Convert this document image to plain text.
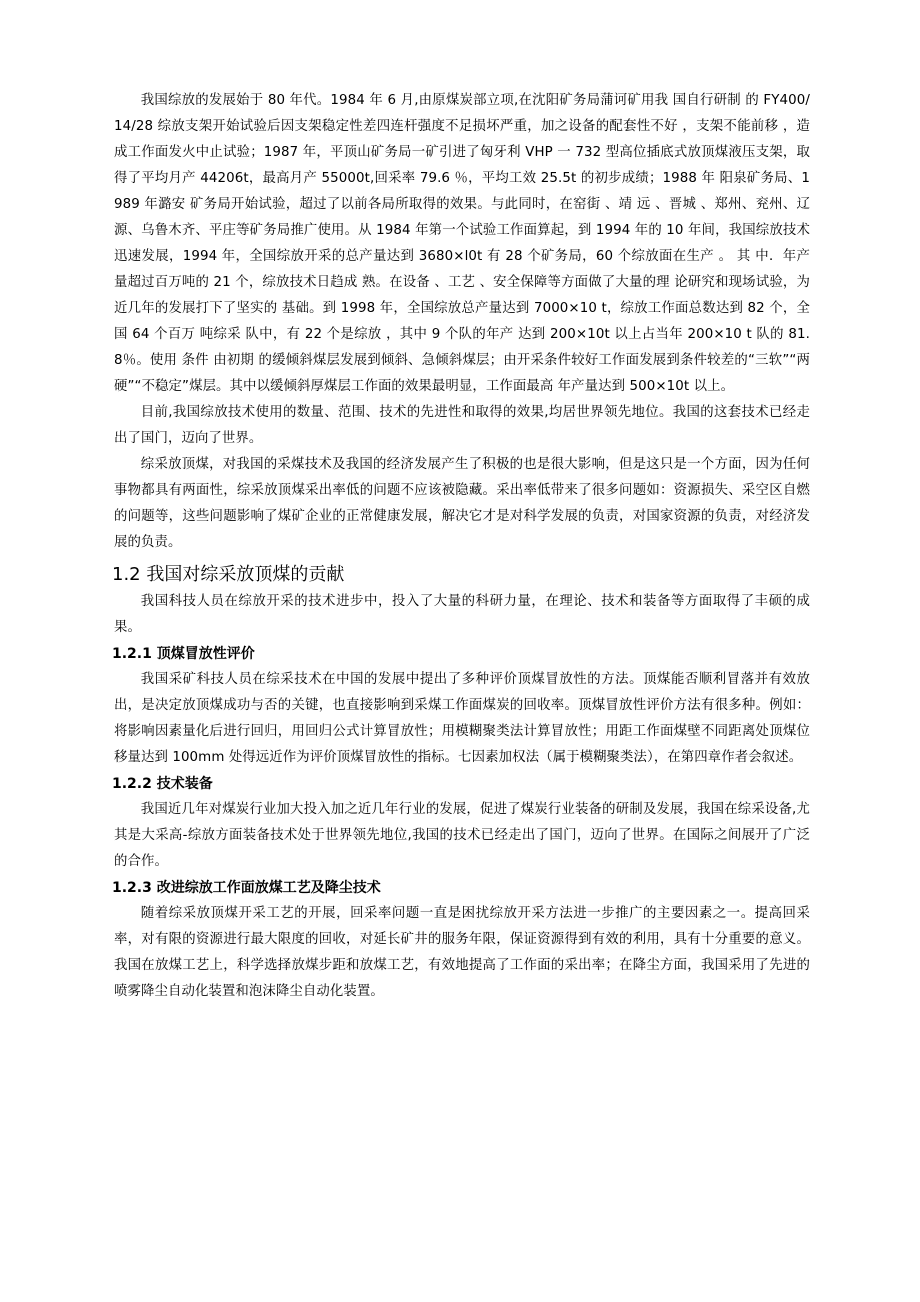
我国综放的发展始于 80 年代。1984 年 6 月,由原煤炭部立项,在沈阳矿务局蒲诃矿用我 国自行研制 的 FY400/14/28 综放支架开始试验后因支架稳定性差四连杆强度不足损坏严重，加之设备的配套性不好 ，支架不能前移 ，造成工作面发火中止试验；1987 年，平顶山矿务局一矿引进了匈牙利 VHP 一 732 型高位插底式放顶煤液压支架，取得了平均月产 44206t，最高月产 55000t,回采率 79.6 ％，平均工效 25.5t 的初步成绩；1988 年 阳泉矿务局、1989 年潞安 矿务局开始试验，超过了以前各局所取得的效果。与此同时，在窑街 、靖 远 、晋城 、郑州、兖州、辽源、乌鲁木齐、平庄等矿务局推广使用。从 1984 年第一个试验工作面算起，到 1994 年的 10 年间，我国综放技术迅速发展，1994 年，全国综放开采的总产量达到 3680×l0t 有 28 个矿务局，60 个综放面在生产 。 其 中．年产量超过百万吨的 21 个，综放技术日趋成 熟。在设备 、工艺 、安全保障等方面做了大量的理 论研究和现场试验，为近几年的发展打下了坚实的 基础。到 1998 年，全国综放总产量达到 7000×10 t，综放工作面总数达到 82 个，全国 64 个百万 吨综采 队中，有 22 个是综放 ，其中 9 个队的年产 达到 200×10t 以上占当年 200×10 t 队的 81.8％。使用 条件 由初期 的缓倾斜煤层发展到倾斜、急倾斜煤层；由开采条件较好工作面发展到条件较差的“三软”“两硬”“不稳定”煤层。其中以缓倾斜厚煤层工作面的效果最明显，工作面最高 年产量达到 500×10t 以上。

目前,我国综放技术使用的数量、范围、技术的先进性和取得的效果,均居世界领先地位。我国的这套技术已经走出了国门，迈向了世界。

综采放顶煤，对我国的采煤技术及我国的经济发展产生了积极的也是很大影响，但是这只是一个方面，因为任何事物都具有两面性，综采放顶煤采出率低的问题不应该被隐藏。采出率低带来了很多问题如：资源损失、采空区自燃的问题等，这些问题影响了煤矿企业的正常健康发展，解决它才是对科学发展的负责，对国家资源的负责，对经济发展的负责。

1.2 我国对综采放顶煤的贡献

我国科技人员在综放开采的技术进步中，投入了大量的科研力量，在理论、技术和装备等方面取得了丰硕的成果。

1.2.1 顶煤冒放性评价

我国采矿科技人员在综采技术在中国的发展中提出了多种评价顶煤冒放性的方法。顶煤能否顺利冒落并有效放出，是决定放顶煤成功与否的关键，也直接影响到采煤工作面煤炭的回收率。顶煤冒放性评价方法有很多种。例如：将影响因素量化后进行回归，用回归公式计算冒放性；用模糊聚类法计算冒放性；用距工作面煤壁不同距离处顶煤位移量达到 100mm 处得远近作为评价顶煤冒放性的指标。七因素加权法（属于模糊聚类法），在第四章作者会叙述。

1.2.2 技术装备

我国近几年对煤炭行业加大投入加之近几年行业的发展，促进了煤炭行业装备的研制及发展，我国在综采设备,尤其是大采高-综放方面装备技术处于世界领先地位,我国的技术已经走出了国门，迈向了世界。在国际之间展开了广泛的合作。

1.2.3 改进综放工作面放煤工艺及降尘技术

随着综采放顶煤开采工艺的开展，回采率问题一直是困扰综放开采方法进一步推广的主要因素之一。提高回采率，对有限的资源进行最大限度的回收，对延长矿井的服务年限，保证资源得到有效的利用，具有十分重要的意义。我国在放煤工艺上，科学选择放煤步距和放煤工艺，有效地提高了工作面的采出率；在降尘方面，我国采用了先进的喷雾降尘自动化装置和泡沫降尘自动化装置。
